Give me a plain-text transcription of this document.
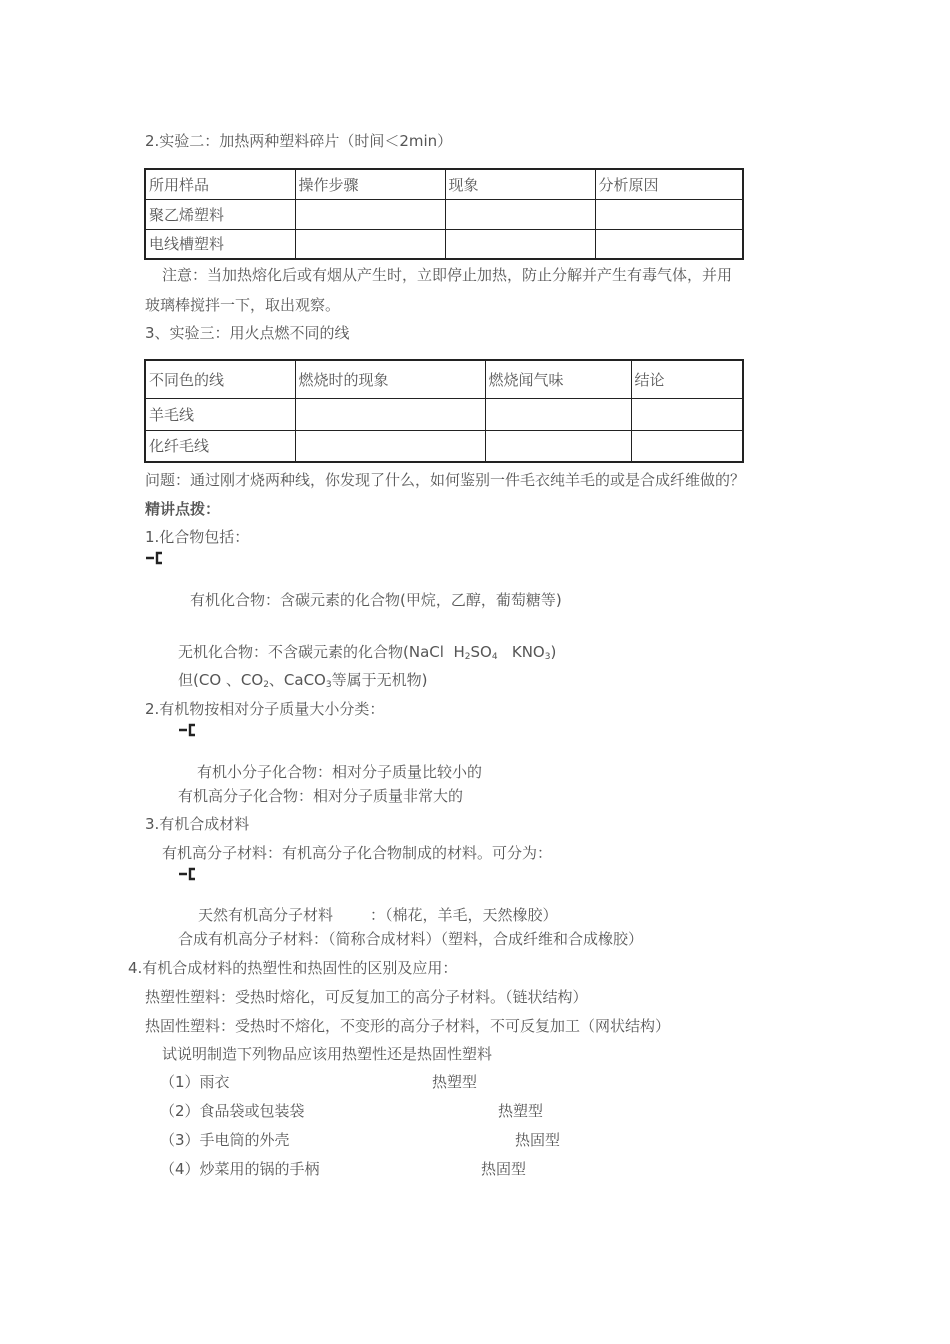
2.实验二：加热两种塑料碎片（时间＜2min）
所用样品	操作步骤	现象	分析原因
聚乙烯塑料			
电线槽塑料			
注意：当加热熔化后或有烟从产生时，立即停止加热，防止分解并产生有毒气体，并用
玻璃棒搅拌一下，取出观察。
3、实验三：用火点燃不同的线
不同色的线	燃烧时的现象	燃烧闻气味	结论
羊毛线			
化纤毛线			
问题：通过刚才烧两种线，你发现了什么，如何鉴别一件毛衣纯羊毛的或是合成纤维做的？
精讲点拨：
1.化合物包括：
有机化合物：含碳元素的化合物(甲烷，乙醇，葡萄糖等)
无机化合物：不含碳元素的化合物(NaCl $H_2SO_4$ $KNO_3$)
但(CO 、$CO_2$、CaCO$_3$等属于无机物)
2.有机物按相对分子质量大小分类：
有机小分子化合物：相对分子质量比较小的
有机高分子化合物：相对分子质量非常大的
3.有机合成材料
有机高分子材料：有机高分子化合物制成的材料。可分为：
天然有机高分子材料 ：（棉花，羊毛，天然橡胶）
合成有机高分子材料：（简称合成材料）（塑料，合成纤维和合成橡胶）
4.有机合成材料的热塑性和热固性的区别及应用：
热塑性塑料：受热时熔化，可反复加工的高分子材料。（链状结构）
热固性塑料：受热时不熔化，不变形的高分子材料，不可反复加工（网状结构）
试说明制造下列物品应该用热塑性还是热固性塑料
（1）雨衣	热塑型
（2）食品袋或包装袋	热塑型
（3）手电筒的外壳	热固型
（4）炒菜用的锅的手柄	热固型
